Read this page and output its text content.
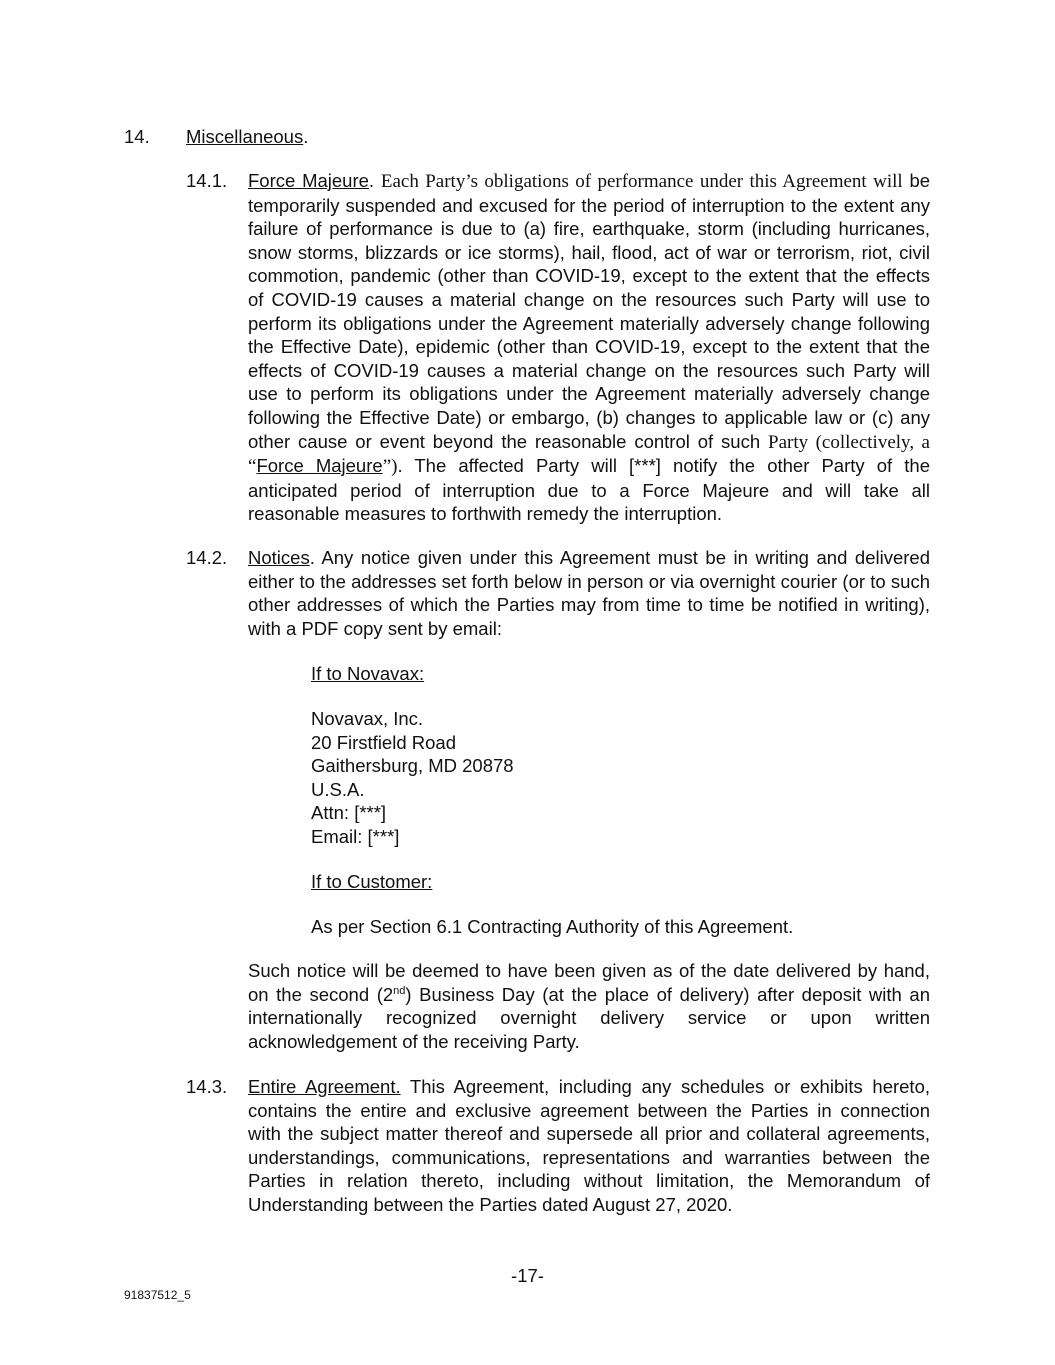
14. Miscellaneous.
14.1. Force Majeure. Each Party’s obligations of performance under this Agreement will be temporarily suspended and excused for the period of interruption to the extent any failure of performance is due to (a) fire, earthquake, storm (including hurricanes, snow storms, blizzards or ice storms), hail, flood, act of war or terrorism, riot, civil commotion, pandemic (other than COVID-19, except to the extent that the effects of COVID-19 causes a material change on the resources such Party will use to perform its obligations under the Agreement materially adversely change following the Effective Date), epidemic (other than COVID-19, except to the extent that the effects of COVID-19 causes a material change on the resources such Party will use to perform its obligations under the Agreement materially adversely change following the Effective Date) or embargo, (b) changes to applicable law or (c) any other cause or event beyond the reasonable control of such Party (collectively, a “Force Majeure”). The affected Party will [***] notify the other Party of the anticipated period of interruption due to a Force Majeure and will take all reasonable measures to forthwith remedy the interruption.
14.2. Notices. Any notice given under this Agreement must be in writing and delivered either to the addresses set forth below in person or via overnight courier (or to such other addresses of which the Parties may from time to time be notified in writing), with a PDF copy sent by email:
If to Novavax:
Novavax, Inc.
20 Firstfield Road
Gaithersburg, MD 20878
U.S.A.
Attn: [***]
Email: [***]
If to Customer:
As per Section 6.1 Contracting Authority of this Agreement.
Such notice will be deemed to have been given as of the date delivered by hand, on the second (2nd) Business Day (at the place of delivery) after deposit with an internationally recognized overnight delivery service or upon written acknowledgement of the receiving Party.
14.3. Entire Agreement. This Agreement, including any schedules or exhibits hereto, contains the entire and exclusive agreement between the Parties in connection with the subject matter thereof and supersede all prior and collateral agreements, understandings, communications, representations and warranties between the Parties in relation thereto, including without limitation, the Memorandum of Understanding between the Parties dated August 27, 2020.
-17-
91837512_5
